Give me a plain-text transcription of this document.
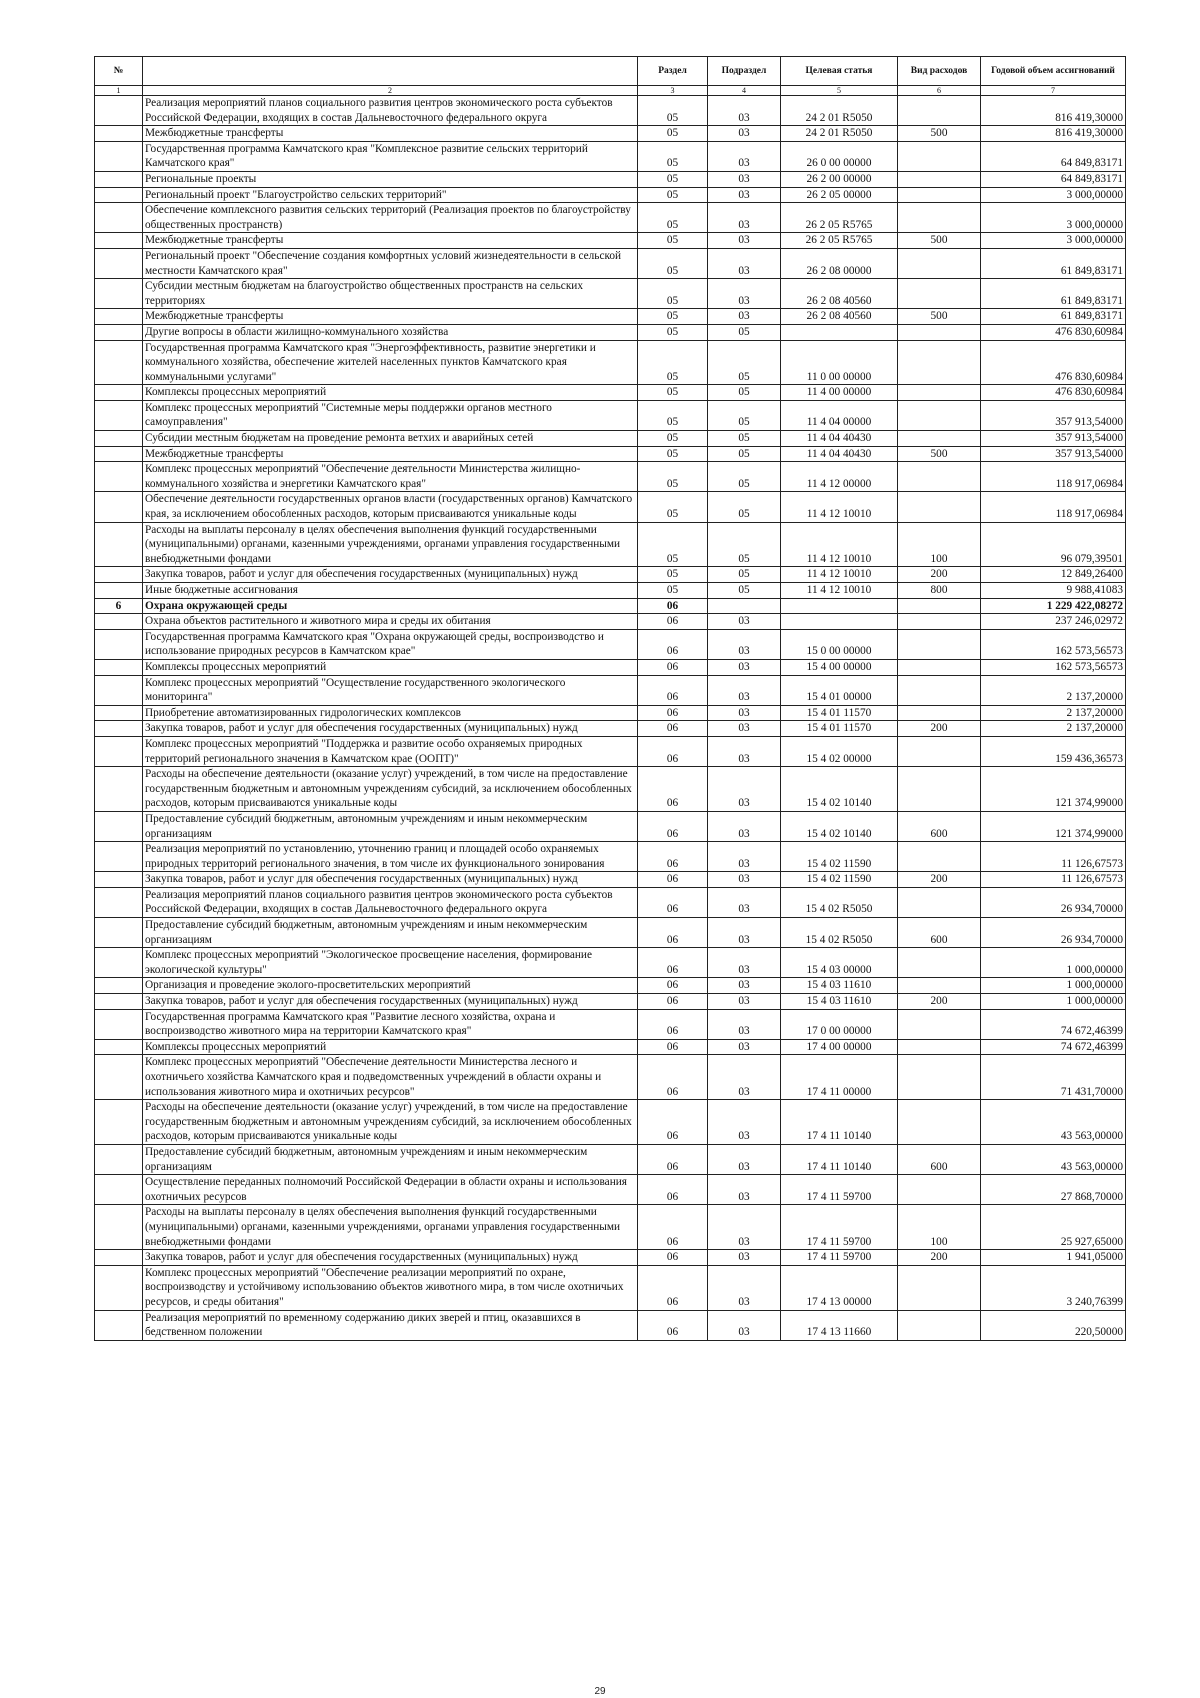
№		Раздел	Подраздел	Целевая статья	Вид расходов	Годовой объем ассигнований
1	2	3	4	5	6	7
	Реализация мероприятий планов социального развития центров экономического роста субъектов Российской Федерации, входящих в состав Дальневосточного федерального округа	05	03	24 2 01 R5050		816 419,30000
	Межбюджетные трансферты	05	03	24 2 01 R5050	500	816 419,30000
	Государственная программа Камчатского края "Комплексное развитие сельских территорий Камчатского края"	05	03	26 0 00 00000		64 849,83171
	Региональные проекты	05	03	26 2 00 00000		64 849,83171
	Региональный проект "Благоустройство сельских территорий"	05	03	26 2 05 00000		3 000,00000
	Обеспечение комплексного развития сельских территорий (Реализация проектов по благоустройству общественных пространств)	05	03	26 2 05 R5765		3 000,00000
	Межбюджетные трансферты	05	03	26 2 05 R5765	500	3 000,00000
	Региональный проект "Обеспечение создания комфортных условий жизнедеятельности в сельской местности Камчатского края"	05	03	26 2 08 00000		61 849,83171
	Субсидии местным бюджетам на благоустройство общественных пространств на сельских территориях	05	03	26 2 08 40560		61 849,83171
	Межбюджетные трансферты	05	03	26 2 08 40560	500	61 849,83171
	Другие вопросы в области жилищно-коммунального хозяйства	05	05			476 830,60984
	Государственная программа Камчатского края "Энергоэффективность, развитие энергетики и коммунального хозяйства, обеспечение жителей населенных пунктов Камчатского края коммунальными услугами"	05	05	11 0 00 00000		476 830,60984
	Комплексы процессных мероприятий	05	05	11 4 00 00000		476 830,60984
	Комплекс процессных мероприятий "Системные меры поддержки органов местного самоуправления"	05	05	11 4 04 00000		357 913,54000
	Субсидии местным бюджетам на проведение ремонта ветхих и аварийных сетей	05	05	11 4 04 40430		357 913,54000
	Межбюджетные трансферты	05	05	11 4 04 40430	500	357 913,54000
	Комплекс процессных мероприятий "Обеспечение деятельности Министерства жилищно-коммунального хозяйства и энергетики Камчатского края"	05	05	11 4 12 00000		118 917,06984
	Обеспечение деятельности государственных органов власти (государственных органов) Камчатского края, за исключением обособленных расходов, которым присваиваются уникальные коды	05	05	11 4 12 10010		118 917,06984
	Расходы на выплаты персоналу в целях обеспечения выполнения функций государственными (муниципальными) органами, казенными учреждениями, органами управления государственными внебюджетными фондами	05	05	11 4 12 10010	100	96 079,39501
	Закупка товаров, работ и услуг для обеспечения государственных (муниципальных) нужд	05	05	11 4 12 10010	200	12 849,26400
	Иные бюджетные ассигнования	05	05	11 4 12 10010	800	9 988,41083
6	Охрана окружающей среды	06				1 229 422,08272
	Охрана объектов растительного и животного мира и среды их обитания	06	03			237 246,02972
	Государственная программа Камчатского края "Охрана окружающей среды, воспроизводство и использование природных ресурсов в Камчатском крае"	06	03	15 0 00 00000		162 573,56573
	Комплексы процессных мероприятий	06	03	15 4 00 00000		162 573,56573
	Комплекс процессных мероприятий "Осуществление государственного экологического мониторинга"	06	03	15 4 01 00000		2 137,20000
	Приобретение автоматизированных гидрологических комплексов	06	03	15 4 01 11570		2 137,20000
	Закупка товаров, работ и услуг для обеспечения государственных (муниципальных) нужд	06	03	15 4 01 11570	200	2 137,20000
	Комплекс процессных мероприятий "Поддержка и развитие особо охраняемых природных территорий регионального значения в Камчатском крае (ООПТ)"	06	03	15 4 02 00000		159 436,36573
	Расходы на обеспечение деятельности (оказание услуг) учреждений, в том числе на предоставление государственным бюджетным и автономным учреждениям субсидий, за исключением обособленных расходов, которым присваиваются уникальные коды	06	03	15 4 02 10140		121 374,99000
	Предоставление субсидий бюджетным, автономным учреждениям и иным некоммерческим организациям	06	03	15 4 02 10140	600	121 374,99000
	Реализация мероприятий по установлению, уточнению границ и площадей особо охраняемых природных территорий регионального значения, в том числе их функционального зонирования	06	03	15 4 02 11590		11 126,67573
	Закупка товаров, работ и услуг для обеспечения государственных (муниципальных) нужд	06	03	15 4 02 11590	200	11 126,67573
	Реализация мероприятий планов социального развития центров экономического роста субъектов Российской Федерации, входящих в состав Дальневосточного федерального округа	06	03	15 4 02 R5050		26 934,70000
	Предоставление субсидий бюджетным, автономным учреждениям и иным некоммерческим организациям	06	03	15 4 02 R5050	600	26 934,70000
	Комплекс процессных мероприятий "Экологическое просвещение населения, формирование экологической культуры"	06	03	15 4 03 00000		1 000,00000
	Организация и проведение эколого-просветительских мероприятий	06	03	15 4 03 11610		1 000,00000
	Закупка товаров, работ и услуг для обеспечения государственных (муниципальных) нужд	06	03	15 4 03 11610	200	1 000,00000
	Государственная программа Камчатского края "Развитие лесного хозяйства, охрана и воспроизводство животного мира на территории Камчатского края"	06	03	17 0 00 00000		74 672,46399
	Комплексы процессных мероприятий	06	03	17 4 00 00000		74 672,46399
	Комплекс процессных мероприятий "Обеспечение деятельности Министерства лесного и охотничьего хозяйства Камчатского края и подведомственных учреждений в области охраны и использования животного мира и охотничьих ресурсов"	06	03	17 4 11 00000		71 431,70000
	Расходы на обеспечение деятельности (оказание услуг) учреждений, в том числе на предоставление государственным бюджетным и автономным учреждениям субсидий, за исключением обособленных расходов, которым присваиваются уникальные коды	06	03	17 4 11 10140		43 563,00000
	Предоставление субсидий бюджетным, автономным учреждениям и иным некоммерческим организациям	06	03	17 4 11 10140	600	43 563,00000
	Осуществление переданных полномочий Российской Федерации в области охраны и использования охотничьих ресурсов	06	03	17 4 11 59700		27 868,70000
	Расходы на выплаты персоналу в целях обеспечения выполнения функций государственными (муниципальными) органами, казенными учреждениями, органами управления государственными внебюджетными фондами	06	03	17 4 11 59700	100	25 927,65000
	Закупка товаров, работ и услуг для обеспечения государственных (муниципальных) нужд	06	03	17 4 11 59700	200	1 941,05000
	Комплекс процессных мероприятий "Обеспечение реализации мероприятий по охране, воспроизводству и устойчивому использованию объектов животного мира, в том числе охотничьих ресурсов, и среды обитания"	06	03	17 4 13 00000		3 240,76399
	Реализация мероприятий по временному содержанию диких зверей и птиц, оказавшихся в бедственном положении	06	03	17 4 13 11660		220,50000
29
